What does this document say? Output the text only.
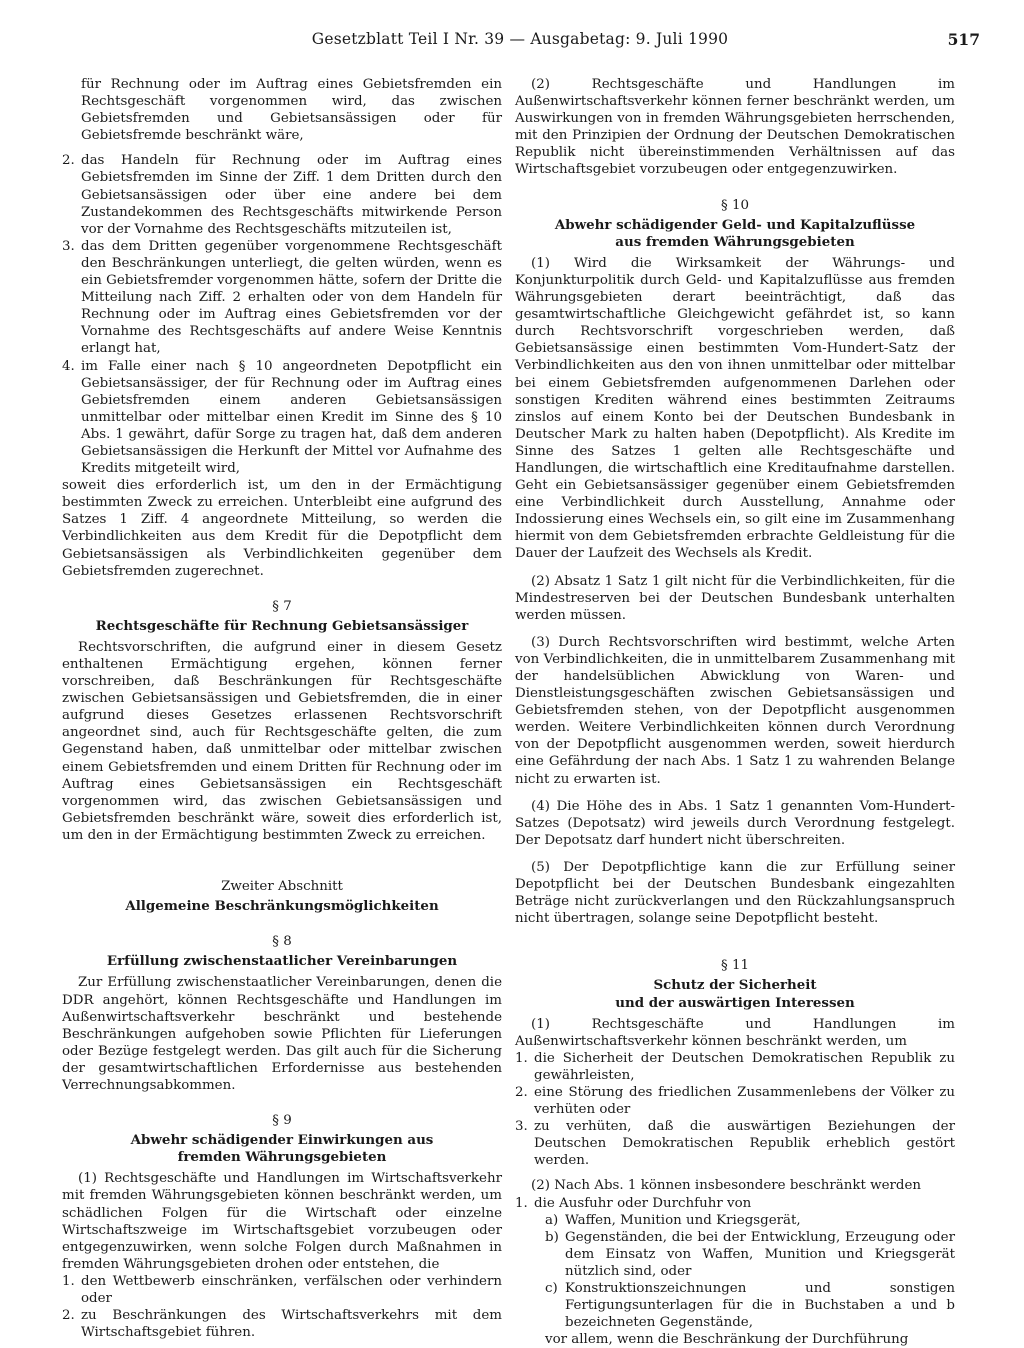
Gesetzblatt Teil I Nr. 39 — Ausgabetag: 9. Juli 1990	517

für Rechnung oder im Auftrag eines Gebietsfremden ein Rechtsgeschäft vorgenommen wird, das zwischen Gebietsfremden und Gebietsansässigen oder für Gebietsfremde beschränkt wäre,

2. das Handeln für Rechnung oder im Auftrag eines Gebietsfremden im Sinne der Ziff. 1 dem Dritten durch den Gebietsansässigen oder über eine andere bei dem Zustandekommen des Rechtsgeschäfts mitwirkende Person vor der Vornahme des Rechtsgeschäfts mitzuteilen ist,

3. das dem Dritten gegenüber vorgenommene Rechtsgeschäft den Beschränkungen unterliegt, die gelten würden, wenn es ein Gebietsfremder vorgenommen hätte, sofern der Dritte die Mitteilung nach Ziff. 2 erhalten oder von dem Handeln für Rechnung oder im Auftrag eines Gebietsfremden vor der Vornahme des Rechtsgeschäfts auf andere Weise Kenntnis erlangt hat,

4. im Falle einer nach § 10 angeordneten Depotpflicht ein Gebietsansässiger, der für Rechnung oder im Auftrag eines Gebietsfremden einem anderen Gebietsansässigen unmittelbar oder mittelbar einen Kredit im Sinne des § 10 Abs. 1 gewährt, dafür Sorge zu tragen hat, daß dem anderen Gebietsansässigen die Herkunft der Mittel vor Aufnahme des Kredits mitgeteilt wird,

soweit dies erforderlich ist, um den in der Ermächtigung bestimmten Zweck zu erreichen. Unterbleibt eine aufgrund des Satzes 1 Ziff. 4 angeordnete Mitteilung, so werden die Verbindlichkeiten aus dem Kredit für die Depotpflicht dem Gebietsansässigen als Verbindlichkeiten gegenüber dem Gebietsfremden zugerechnet.

§ 7
Rechtsgeschäfte für Rechnung Gebietsansässiger

Rechtsvorschriften, die aufgrund einer in diesem Gesetz enthaltenen Ermächtigung ergehen, können ferner vorschreiben, daß Beschränkungen für Rechtsgeschäfte zwischen Gebietsansässigen und Gebietsfremden, die in einer aufgrund dieses Gesetzes erlassenen Rechtsvorschrift angeordnet sind, auch für Rechtsgeschäfte gelten, die zum Gegenstand haben, daß unmittelbar oder mittelbar zwischen einem Gebietsfremden und einem Dritten für Rechnung oder im Auftrag eines Gebietsansässigen ein Rechtsgeschäft vorgenommen wird, das zwischen Gebietsansässigen und Gebietsfremden beschränkt wäre, soweit dies erforderlich ist, um den in der Ermächtigung bestimmten Zweck zu erreichen.

Zweiter Abschnitt
Allgemeine Beschränkungsmöglichkeiten
§ 8
Erfüllung zwischenstaatlicher Vereinbarungen

Zur Erfüllung zwischenstaatlicher Vereinbarungen, denen die DDR angehört, können Rechtsgeschäfte und Handlungen im Außenwirtschaftsverkehr beschränkt und bestehende Beschränkungen aufgehoben sowie Pflichten für Lieferungen oder Bezüge festgelegt werden. Das gilt auch für die Sicherung der gesamtwirtschaftlichen Erfordernisse aus bestehenden Verrechnungsabkommen.

§ 9
Abwehr schädigender Einwirkungen aus
fremden Währungsgebieten

(1) Rechtsgeschäfte und Handlungen im Wirtschaftsverkehr mit fremden Währungsgebieten können beschränkt werden, um schädlichen Folgen für die Wirtschaft oder einzelne Wirtschaftszweige im Wirtschaftsgebiet vorzubeugen oder entgegenzuwirken, wenn solche Folgen durch Maßnahmen in fremden Währungsgebieten drohen oder entstehen, die

1. den Wettbewerb einschränken, verfälschen oder verhindern oder

2. zu Beschränkungen des Wirtschaftsverkehrs mit dem Wirtschaftsgebiet führen.

(2) Rechtsgeschäfte und Handlungen im Außenwirtschaftsverkehr können ferner beschränkt werden, um Auswirkungen von in fremden Währungsgebieten herrschenden, mit den Prinzipien der Ordnung der Deutschen Demokratischen Republik nicht übereinstimmenden Verhältnissen auf das Wirtschaftsgebiet vorzubeugen oder entgegenzuwirken.

§ 10
Abwehr schädigender Geld- und Kapitalzuflüsse
aus fremden Währungsgebieten

(1) Wird die Wirksamkeit der Währungs- und Konjunkturpolitik durch Geld- und Kapitalzuflüsse aus fremden Währungsgebieten derart beeinträchtigt, daß das gesamtwirtschaftliche Gleichgewicht gefährdet ist, so kann durch Rechtsvorschrift vorgeschrieben werden, daß Gebietsansässige einen bestimmten Vom-Hundert-Satz der Verbindlichkeiten aus den von ihnen unmittelbar oder mittelbar bei einem Gebietsfremden aufgenommenen Darlehen oder sonstigen Krediten während eines bestimmten Zeitraums zinslos auf einem Konto bei der Deutschen Bundesbank in Deutscher Mark zu halten haben (Depotpflicht). Als Kredite im Sinne des Satzes 1 gelten alle Rechtsgeschäfte und Handlungen, die wirtschaftlich eine Kreditaufnahme darstellen. Geht ein Gebietsansässiger gegenüber einem Gebietsfremden eine Verbindlichkeit durch Ausstellung, Annahme oder Indossierung eines Wechsels ein, so gilt eine im Zusammenhang hiermit von dem Gebietsfremden erbrachte Geldleistung für die Dauer der Laufzeit des Wechsels als Kredit.

(2) Absatz 1 Satz 1 gilt nicht für die Verbindlichkeiten, für die Mindestreserven bei der Deutschen Bundesbank unterhalten werden müssen.

(3) Durch Rechtsvorschriften wird bestimmt, welche Arten von Verbindlichkeiten, die in unmittelbarem Zusammenhang mit der handelsüblichen Abwicklung von Waren- und Dienstleistungsgeschäften zwischen Gebietsansässigen und Gebietsfremden stehen, von der Depotpflicht ausgenommen werden. Weitere Verbindlichkeiten können durch Verordnung von der Depotpflicht ausgenommen werden, soweit hierdurch eine Gefährdung der nach Abs. 1 Satz 1 zu wahrenden Belange nicht zu erwarten ist.

(4) Die Höhe des in Abs. 1 Satz 1 genannten Vom-Hundert-Satzes (Depotsatz) wird jeweils durch Verordnung festgelegt. Der Depotsatz darf hundert nicht überschreiten.

(5) Der Depotpflichtige kann die zur Erfüllung seiner Depotpflicht bei der Deutschen Bundesbank eingezahlten Beträge nicht zurückverlangen und den Rückzahlungsanspruch nicht übertragen, solange seine Depotpflicht besteht.

§ 11
Schutz der Sicherheit
und der auswärtigen Interessen

(1) Rechtsgeschäfte und Handlungen im Außenwirtschaftsverkehr können beschränkt werden, um

1. die Sicherheit der Deutschen Demokratischen Republik zu gewährleisten,

2. eine Störung des friedlichen Zusammenlebens der Völker zu verhüten oder

3. zu verhüten, daß die auswärtigen Beziehungen der Deutschen Demokratischen Republik erheblich gestört werden.

(2) Nach Abs. 1 können insbesondere beschränkt werden

1. die Ausfuhr oder Durchfuhr von

a) Waffen, Munition und Kriegsgerät,

b) Gegenständen, die bei der Entwicklung, Erzeugung oder dem Einsatz von Waffen, Munition und Kriegsgerät nützlich sind, oder

c) Konstruktionszeichnungen und sonstigen Fertigungsunterlagen für die in Buchstaben a und b bezeichneten Gegenstände,

vor allem, wenn die Beschränkung der Durchführung
